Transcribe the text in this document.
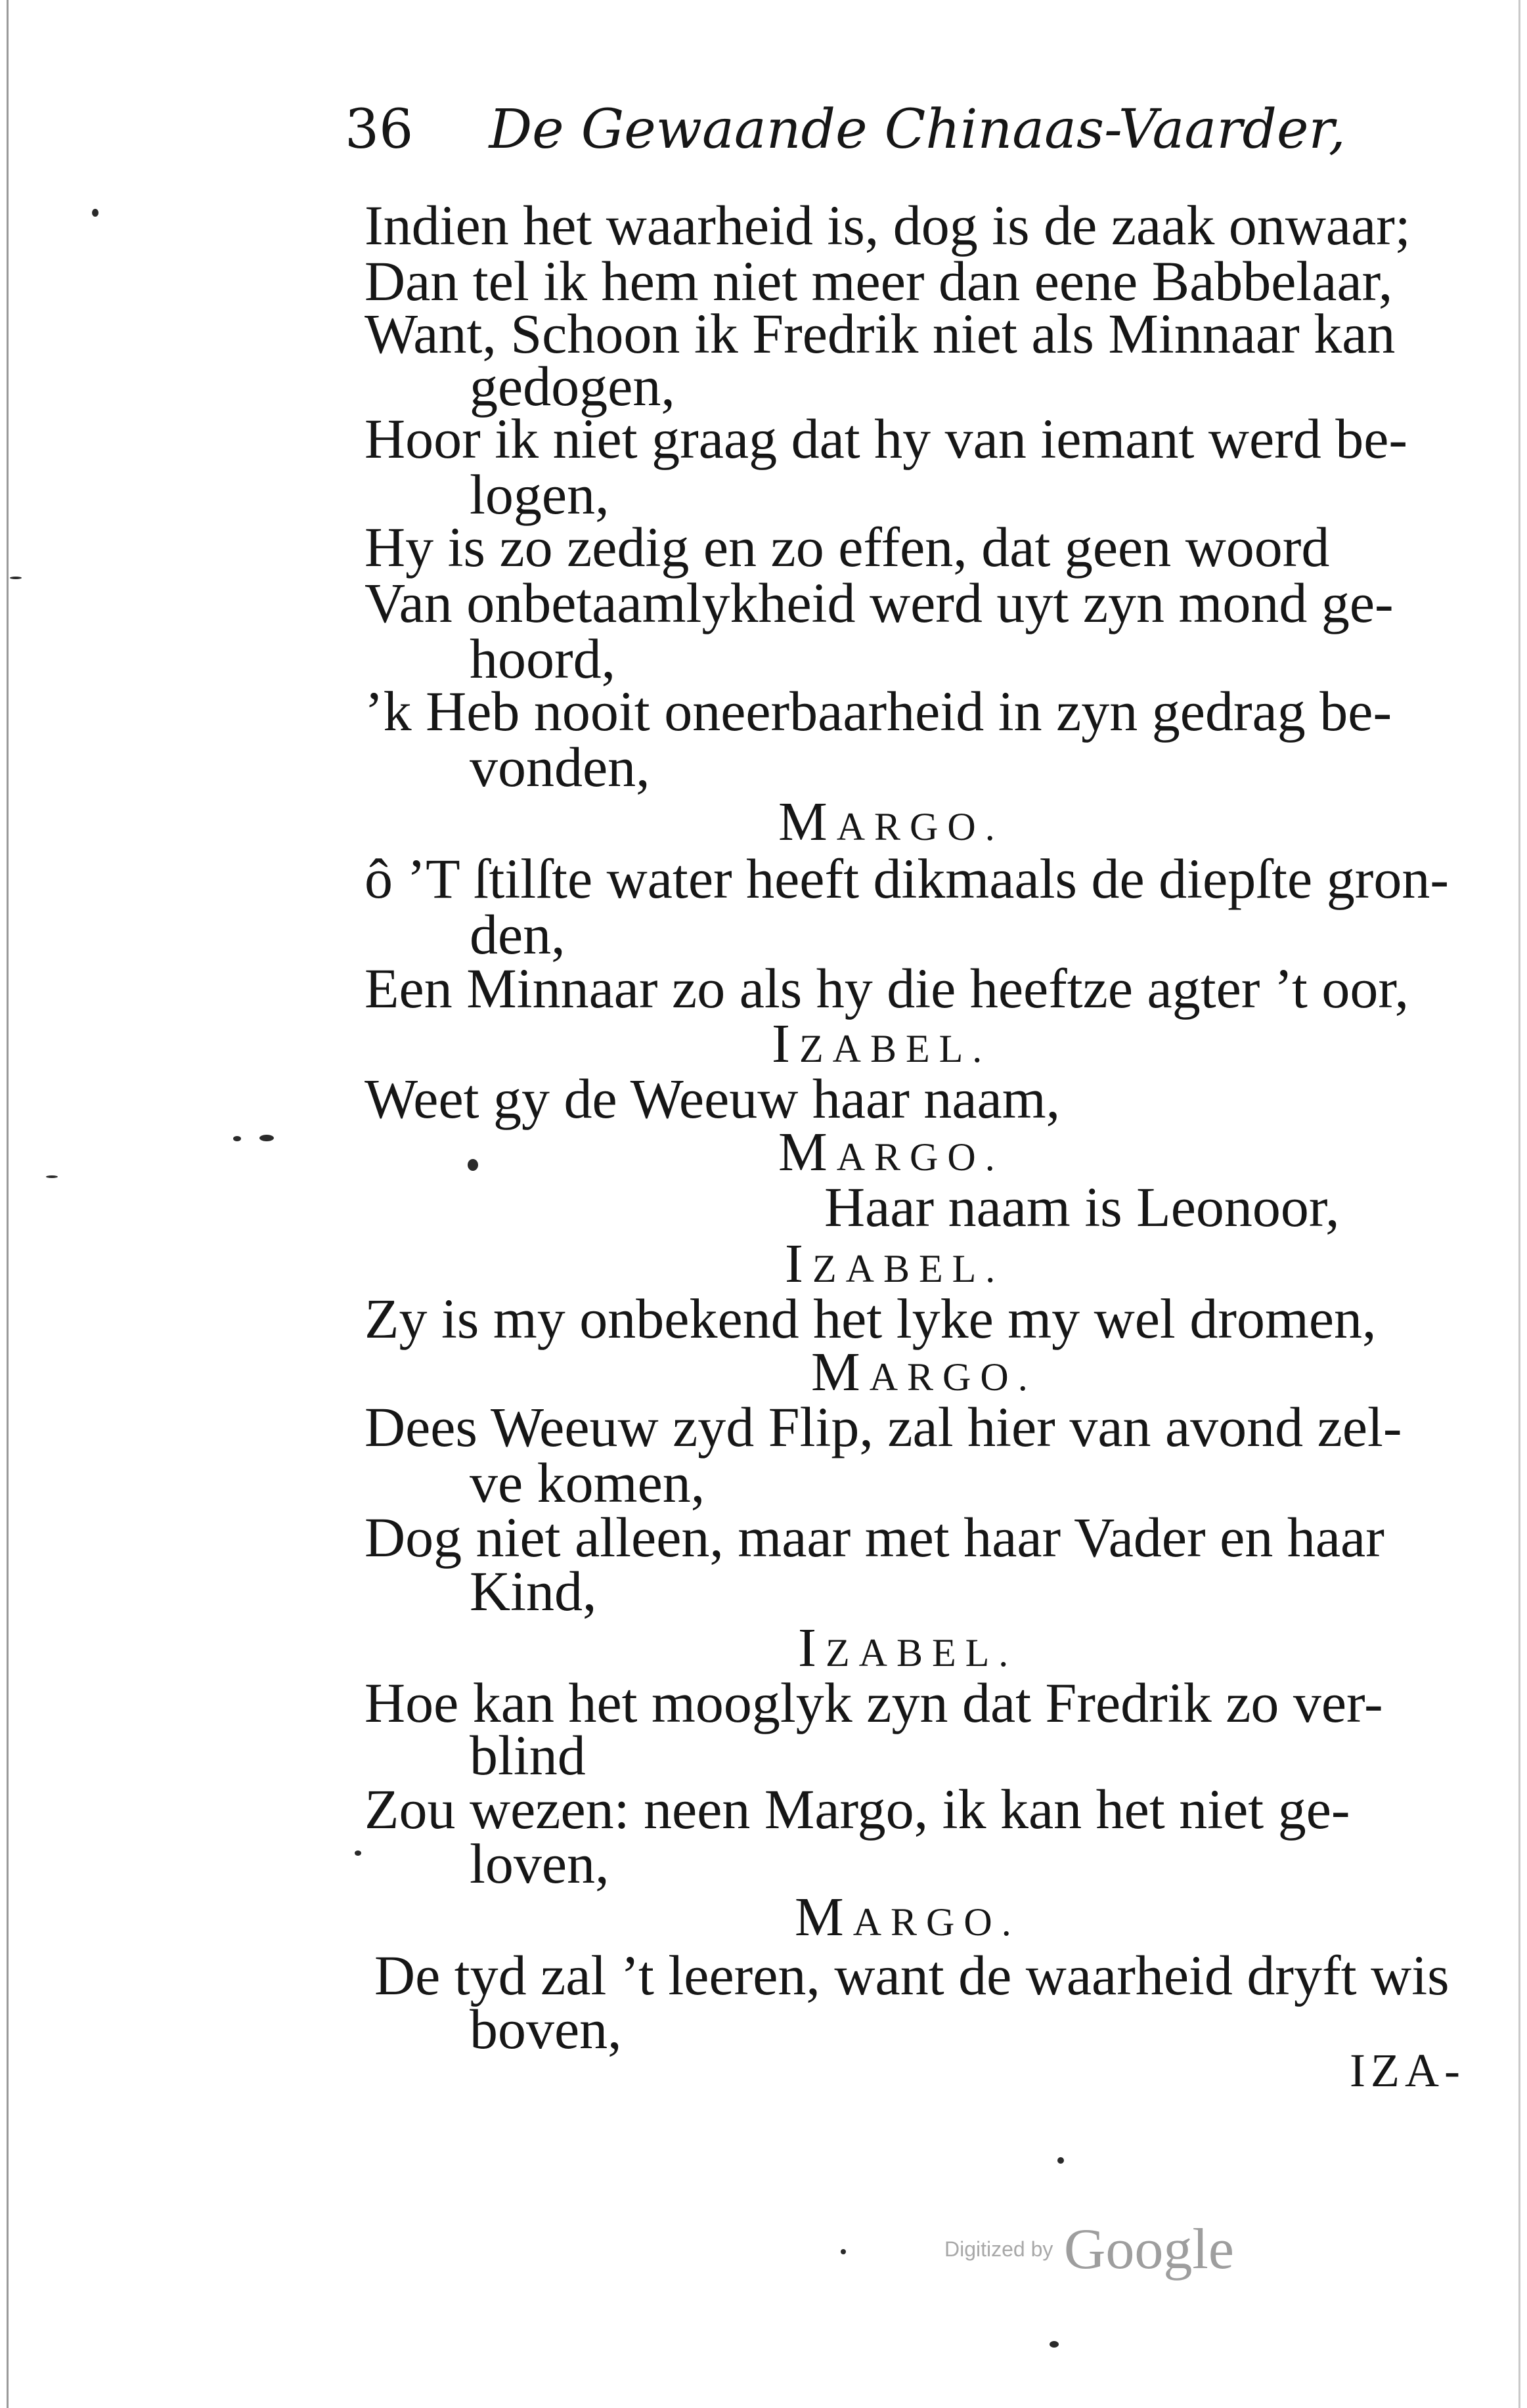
36 De Gewaande Chinaas-Vaarder,
Indien het waarheid is, dog is de zaak onwaar;
Dan tel ik hem niet meer dan eene Babbelaar,
Want, Schoon ik Fredrik niet als Minnaar kan
gedogen,
Hoor ik niet graag dat hy van iemant werd be-
logen,
Hy is zo zedig en zo effen, dat geen woord
Van onbetaamlykheid werd uyt zyn mond ge-
hoord,
’k Heb nooit oneerbaarheid in zyn gedrag be-
vonden,
MARGO.
ô ’T ſtilſte water heeft dikmaals de diepſte gron-
den,
Een Minnaar zo als hy die heeftze agter ’t oor,
IZABEL.
Weet gy de Weeuw haar naam,
MARGO.
Haar naam is Leonoor,
IZABEL.
Zy is my onbekend het lyke my wel dromen,
MARGO.
Dees Weeuw zyd Flip, zal hier van avond zel-
ve komen,
Dog niet alleen, maar met haar Vader en haar
Kind,
IZABEL.
Hoe kan het mooglyk zyn dat Fredrik zo ver-
blind
Zou wezen: neen Margo, ik kan het niet ge-
loven,
MARGO.
De tyd zal ’t leeren, want de waarheid dryft wis
boven,
IZA-
Digitized by Google
